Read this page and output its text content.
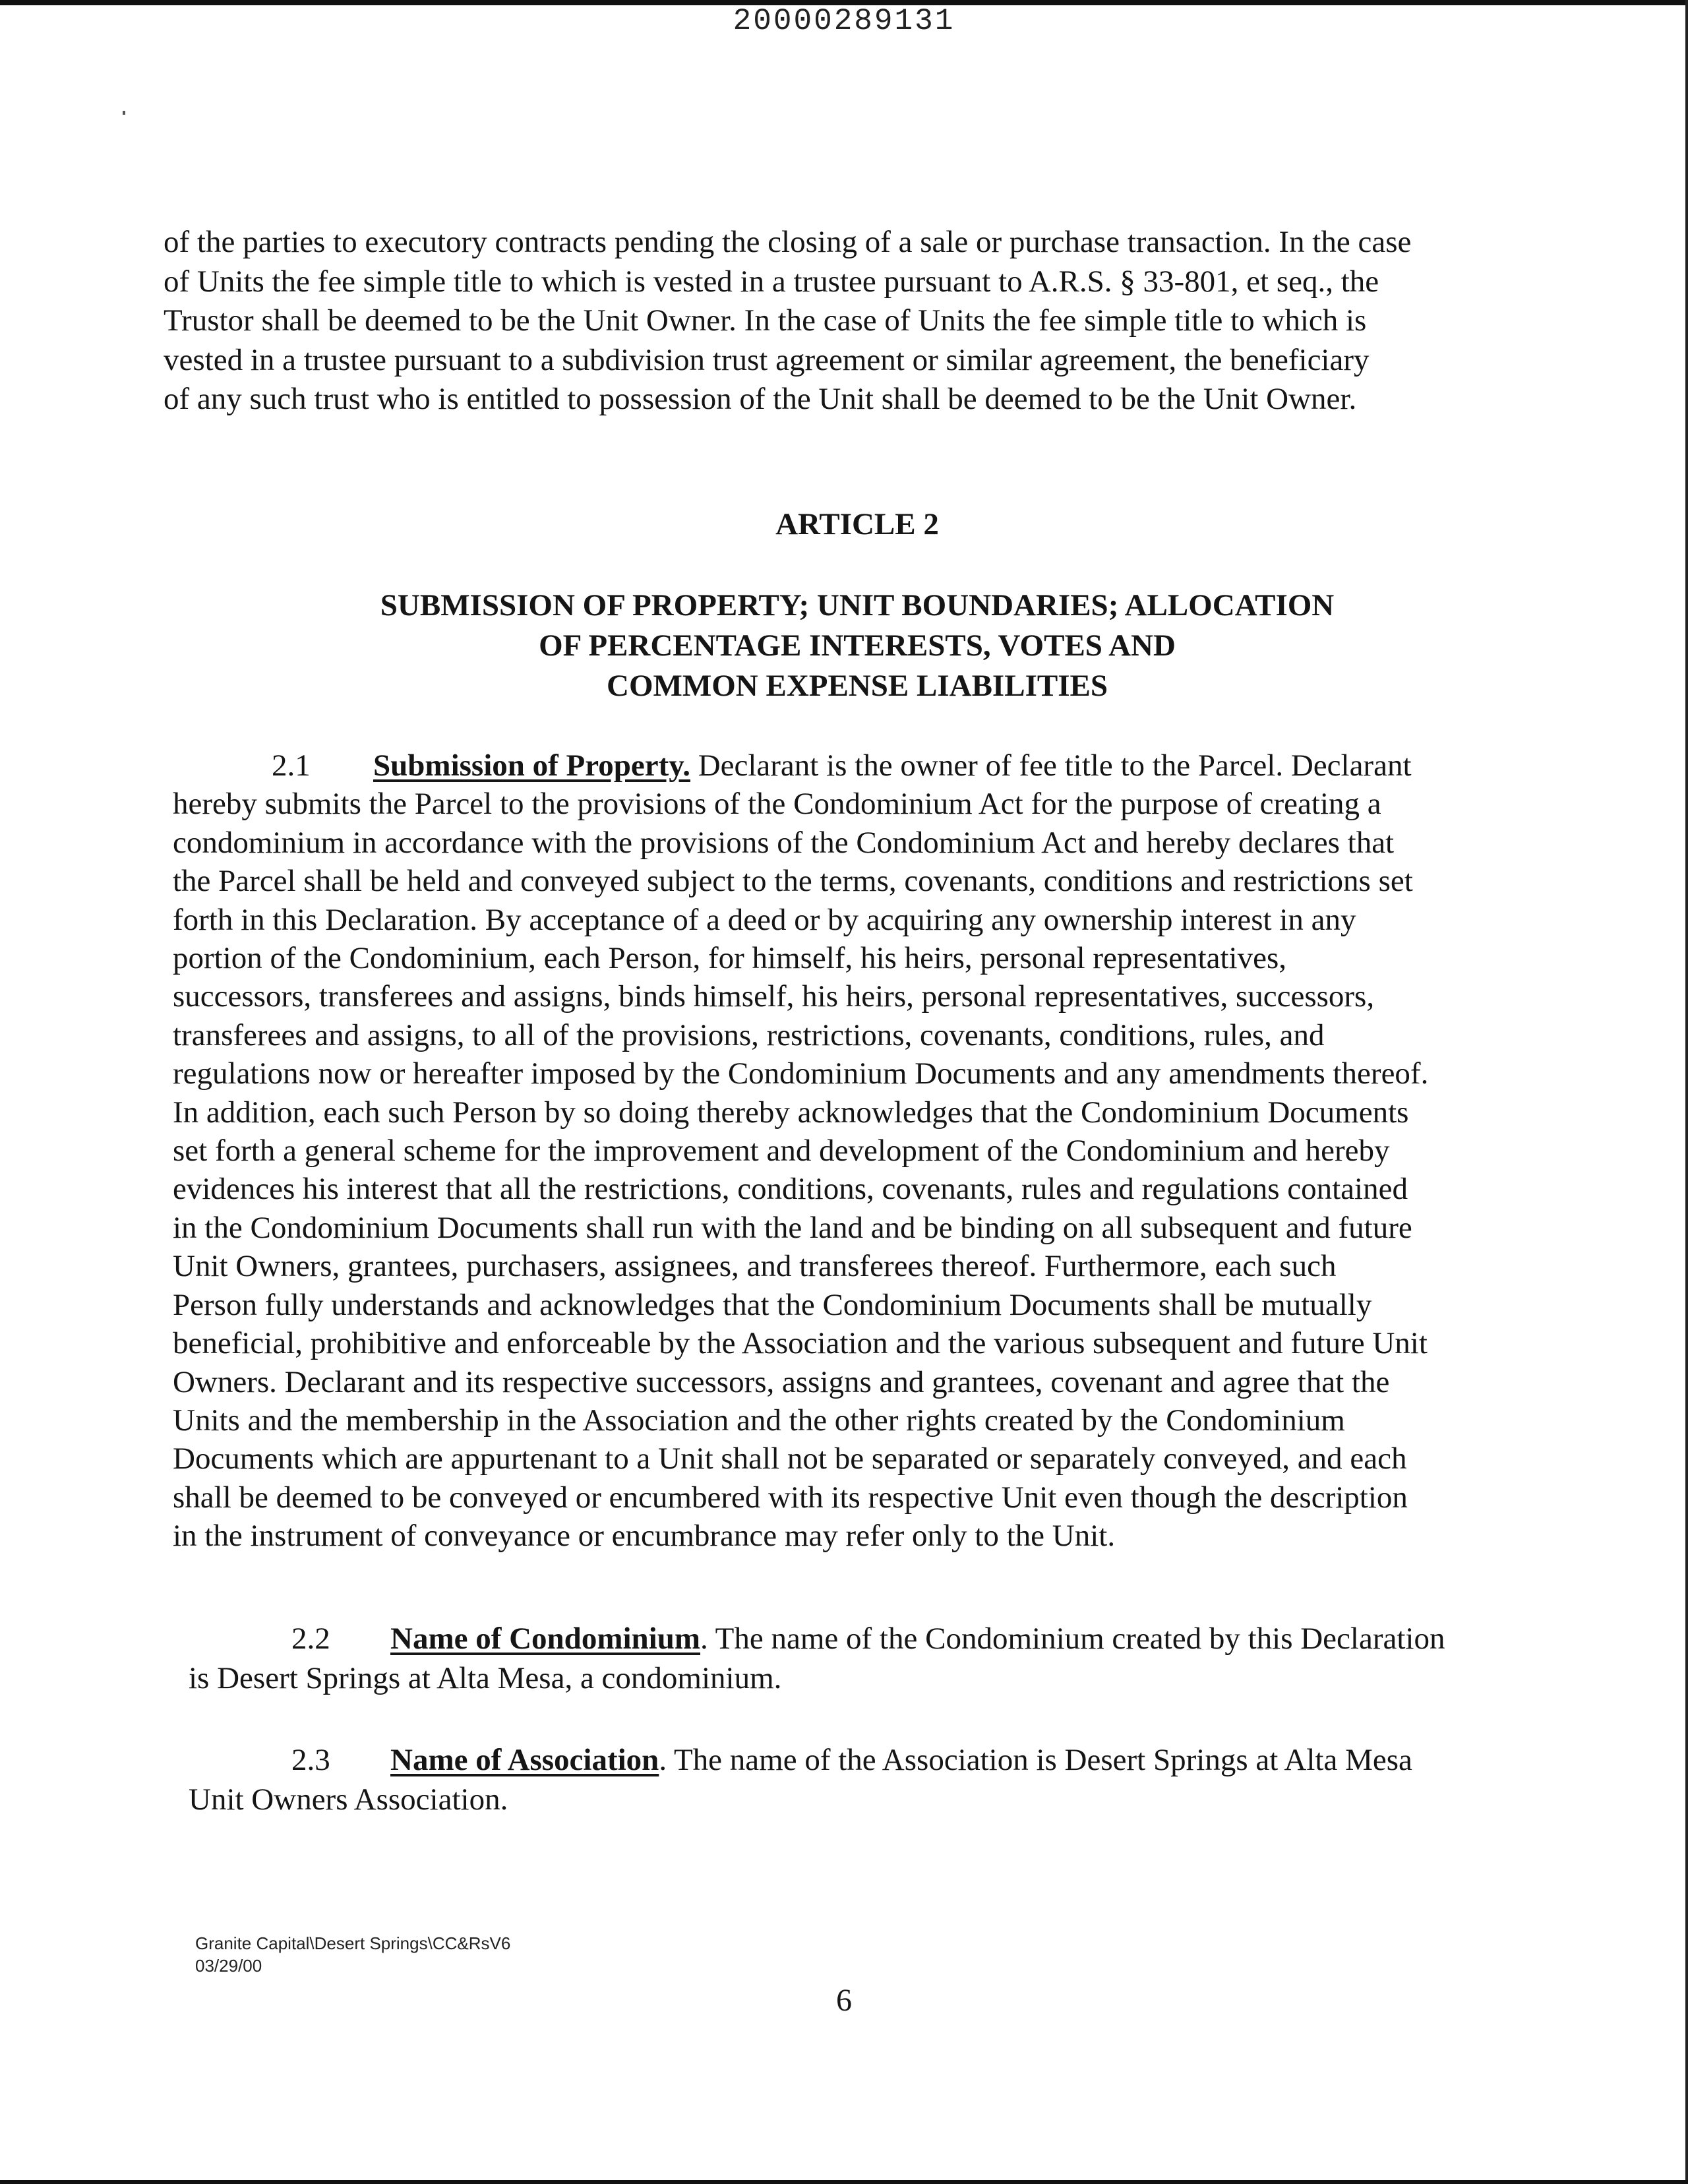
20000289131
of the parties to executory contracts pending the closing of a sale or purchase transaction. In the case
of Units the fee simple title to which is vested in a trustee pursuant to A.R.S. § 33-801, et seq., the
Trustor shall be deemed to be the Unit Owner. In the case of Units the fee simple title to which is
vested in a trustee pursuant to a subdivision trust agreement or similar agreement, the beneficiary
of any such trust who is entitled to possession of the Unit shall be deemed to be the Unit Owner.
ARTICLE 2
SUBMISSION OF PROPERTY; UNIT BOUNDARIES; ALLOCATION
OF PERCENTAGE INTERESTS, VOTES AND
COMMON EXPENSE LIABILITIES
2.1 Submission of Property. Declarant is the owner of fee title to the Parcel. Declarant
hereby submits the Parcel to the provisions of the Condominium Act for the purpose of creating a
condominium in accordance with the provisions of the Condominium Act and hereby declares that
the Parcel shall be held and conveyed subject to the terms, covenants, conditions and restrictions set
forth in this Declaration. By acceptance of a deed or by acquiring any ownership interest in any
portion of the Condominium, each Person, for himself, his heirs, personal representatives,
successors, transferees and assigns, binds himself, his heirs, personal representatives, successors,
transferees and assigns, to all of the provisions, restrictions, covenants, conditions, rules, and
regulations now or hereafter imposed by the Condominium Documents and any amendments thereof.
In addition, each such Person by so doing thereby acknowledges that the Condominium Documents
set forth a general scheme for the improvement and development of the Condominium and hereby
evidences his interest that all the restrictions, conditions, covenants, rules and regulations contained
in the Condominium Documents shall run with the land and be binding on all subsequent and future
Unit Owners, grantees, purchasers, assignees, and transferees thereof. Furthermore, each such
Person fully understands and acknowledges that the Condominium Documents shall be mutually
beneficial, prohibitive and enforceable by the Association and the various subsequent and future Unit
Owners. Declarant and its respective successors, assigns and grantees, covenant and agree that the
Units and the membership in the Association and the other rights created by the Condominium
Documents which are appurtenant to a Unit shall not be separated or separately conveyed, and each
shall be deemed to be conveyed or encumbered with its respective Unit even though the description
in the instrument of conveyance or encumbrance may refer only to the Unit.
2.2 Name of Condominium. The name of the Condominium created by this Declaration
is Desert Springs at Alta Mesa, a condominium.
2.3 Name of Association. The name of the Association is Desert Springs at Alta Mesa
Unit Owners Association.
Granite Capital\Desert Springs\CC&RsV6
03/29/00
6
